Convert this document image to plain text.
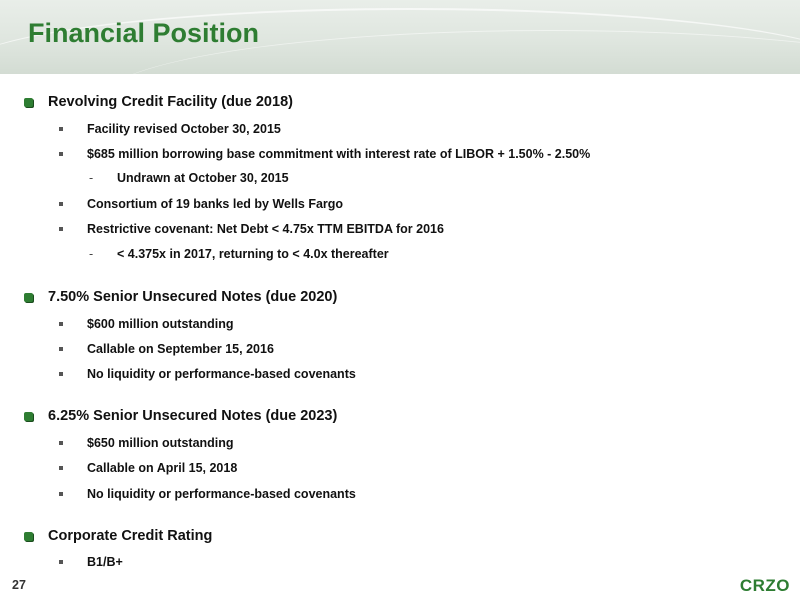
Financial Position
Revolving Credit Facility (due 2018)
Facility revised October 30, 2015
$685 million borrowing base commitment with interest rate of LIBOR + 1.50% - 2.50%
- Undrawn at October 30, 2015
Consortium of 19 banks led by Wells Fargo
Restrictive covenant: Net Debt < 4.75x TTM EBITDA for 2016
- < 4.375x in 2017, returning to < 4.0x thereafter
7.50% Senior Unsecured Notes (due 2020)
$600 million outstanding
Callable on September 15, 2016
No liquidity or performance-based covenants
6.25% Senior Unsecured Notes (due 2023)
$650 million outstanding
Callable on April 15, 2018
No liquidity or performance-based covenants
Corporate Credit Rating
B1/B+
27	CRZO
